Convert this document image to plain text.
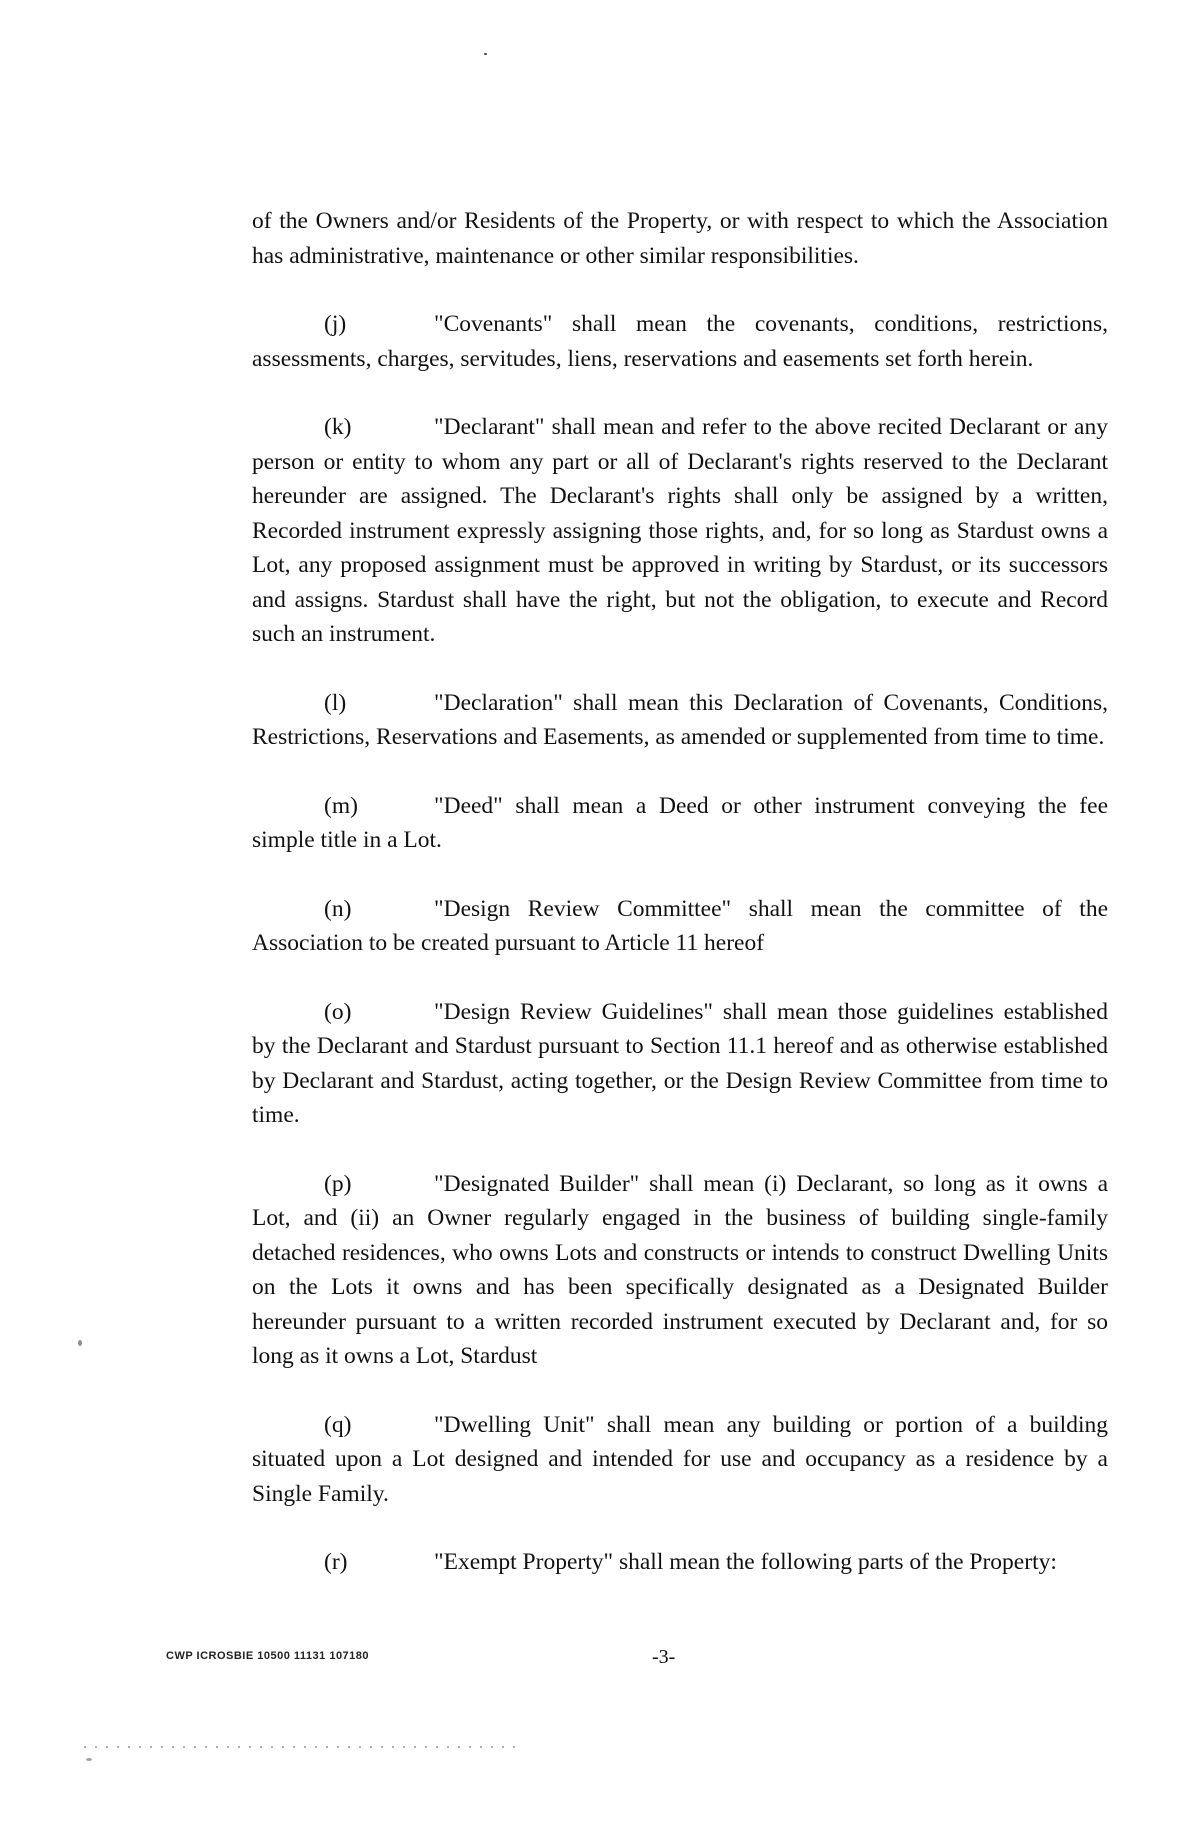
of the Owners and/or Residents of the Property, or with respect to which the Association has administrative, maintenance or other similar responsibilities.

(j)	"Covenants" shall mean the covenants, conditions, restrictions, assessments, charges, servitudes, liens, reservations and easements set forth herein.

(k)	"Declarant" shall mean and refer to the above recited Declarant or any person or entity to whom any part or all of Declarant's rights reserved to the Declarant hereunder are assigned. The Declarant's rights shall only be assigned by a written, Recorded instrument expressly assigning those rights, and, for so long as Stardust owns a Lot, any proposed assignment must be approved in writing by Stardust, or its successors and assigns. Stardust shall have the right, but not the obligation, to execute and Record such an instrument.

(l)	"Declaration" shall mean this Declaration of Covenants, Conditions, Restrictions, Reservations and Easements, as amended or supplemented from time to time.

(m)	"Deed" shall mean a Deed or other instrument conveying the fee simple title in a Lot.

(n)	"Design Review Committee" shall mean the committee of the Association to be created pursuant to Article 11 hereof

(o)	"Design Review Guidelines" shall mean those guidelines established by the Declarant and Stardust pursuant to Section 11.1 hereof and as otherwise established by Declarant and Stardust, acting together, or the Design Review Committee from time to time.

(p)	"Designated Builder" shall mean (i) Declarant, so long as it owns a Lot, and (ii) an Owner regularly engaged in the business of building single-family detached residences, who owns Lots and constructs or intends to construct Dwelling Units on the Lots it owns and has been specifically designated as a Designated Builder hereunder pursuant to a written recorded instrument executed by Declarant and, for so long as it owns a Lot, Stardust

(q)	"Dwelling Unit" shall mean any building or portion of a building situated upon a Lot designed and intended for use and occupancy as a residence by a Single Family.

(r)	"Exempt Property" shall mean the following parts of the Property:

CWP ICROSBIE 10500 11131 107180	-3-
